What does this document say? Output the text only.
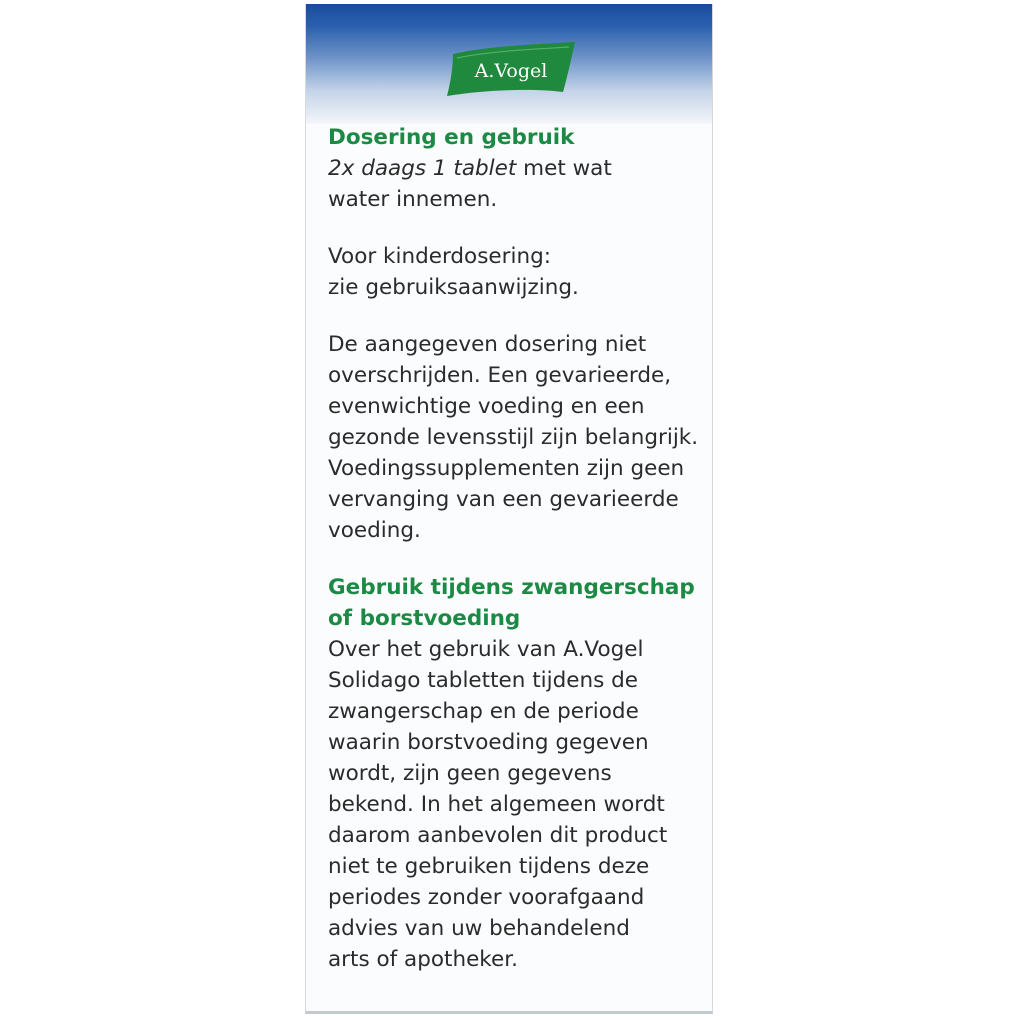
A.Vogel
Dosering en gebruik
2x daags 1 tablet met wat
water innemen.
Voor kinderdosering:
zie gebruiksaanwijzing.
De aangegeven dosering niet
overschrijden. Een gevarieerde,
evenwichtige voeding en een
gezonde levensstijl zijn belangrijk.
Voedingssupplementen zijn geen
vervanging van een gevarieerde
voeding.
Gebruik tijdens zwangerschap
of borstvoeding
Over het gebruik van A.Vogel
Solidago tabletten tijdens de
zwangerschap en de periode
waarin borstvoeding gegeven
wordt, zijn geen gegevens
bekend. In het algemeen wordt
daarom aanbevolen dit product
niet te gebruiken tijdens deze
periodes zonder voorafgaand
advies van uw behandelend
arts of apotheker.
